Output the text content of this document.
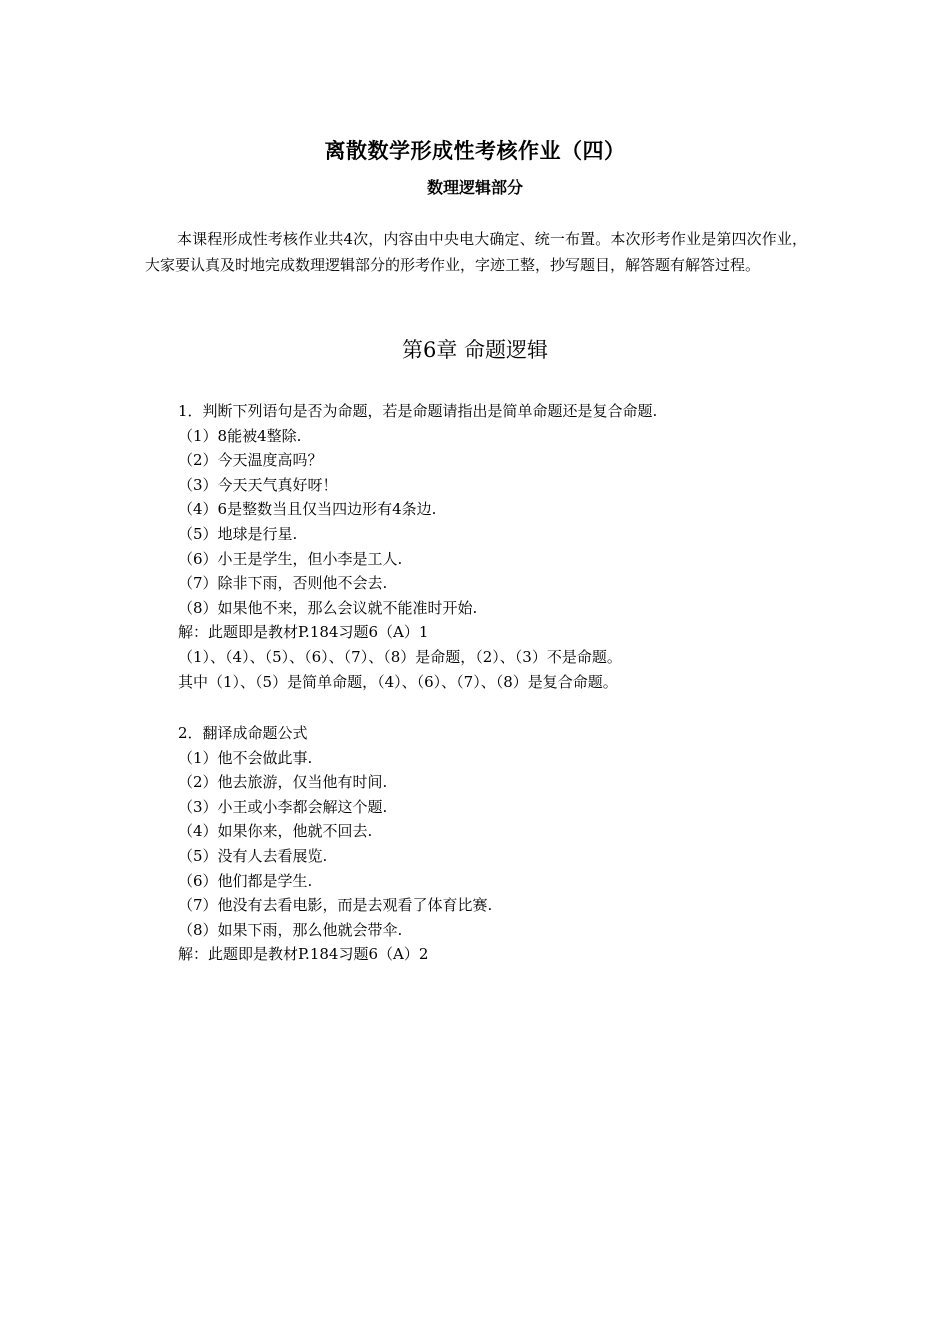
离散数学形成性考核作业（四）
数理逻辑部分
本课程形成性考核作业共4次，内容由中央电大确定、统一布置。本次形考作业是第四次作业，大家要认真及时地完成数理逻辑部分的形考作业，字迹工整，抄写题目，解答题有解答过程。
第6章 命题逻辑
1．判断下列语句是否为命题，若是命题请指出是简单命题还是复合命题.
（1）8能被4整除.
（2）今天温度高吗？
（3）今天天气真好呀！
（4）6是整数当且仅当四边形有4条边.
（5）地球是行星.
（6）小王是学生，但小李是工人.
（7）除非下雨，否则他不会去.
（8）如果他不来，那么会议就不能准时开始.
解：此题即是教材P.184习题6（A）1
（1）、（4）、（5）、（6）、（7）、（8）是命题，（2）、（3）不是命题。
其中（1）、（5）是简单命题，（4）、（6）、（7）、（8）是复合命题。
2．翻译成命题公式
（1）他不会做此事.
（2）他去旅游，仅当他有时间.
（3）小王或小李都会解这个题.
（4）如果你来，他就不回去.
（5）没有人去看展览.
（6）他们都是学生.
（7）他没有去看电影，而是去观看了体育比赛.
（8）如果下雨，那么他就会带伞.
解：此题即是教材P.184习题6（A）2
